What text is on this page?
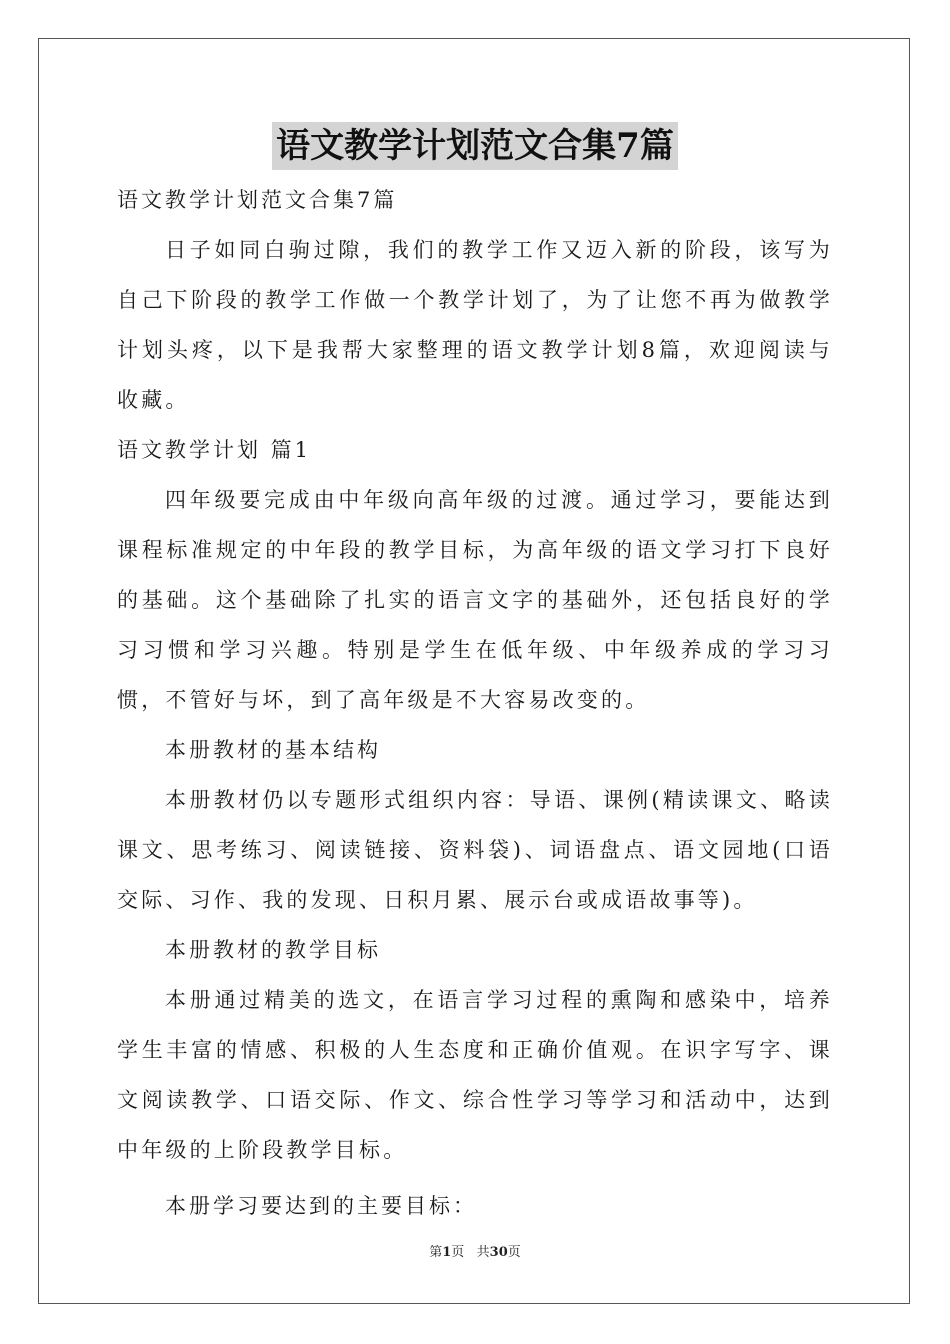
语文教学计划范文合集7篇

语文教学计划范文合集7篇

日子如同白驹过隙，我们的教学工作又迈入新的阶段，该写为自己下阶段的教学工作做一个教学计划了，为了让您不再为做教学计划头疼，以下是我帮大家整理的语文教学计划8篇，欢迎阅读与收藏。

语文教学计划 篇1

四年级要完成由中年级向高年级的过渡。通过学习，要能达到课程标准规定的中年段的教学目标，为高年级的语文学习打下良好的基础。这个基础除了扎实的语言文字的基础外，还包括良好的学习习惯和学习兴趣。特别是学生在低年级、中年级养成的学习习惯，不管好与坏，到了高年级是不大容易改变的。

本册教材的基本结构

本册教材仍以专题形式组织内容：导语、课例(精读课文、略读课文、思考练习、阅读链接、资料袋)、词语盘点、语文园地(口语交际、习作、我的发现、日积月累、展示台或成语故事等)。

本册教材的教学目标

本册通过精美的选文，在语言学习过程的熏陶和感染中，培养学生丰富的情感、积极的人生态度和正确价值观。在识字写字、课文阅读教学、口语交际、作文、综合性学习等学习和活动中，达到中年级的上阶段教学目标。

本册学习要达到的主要目标：

第1页   共30页
